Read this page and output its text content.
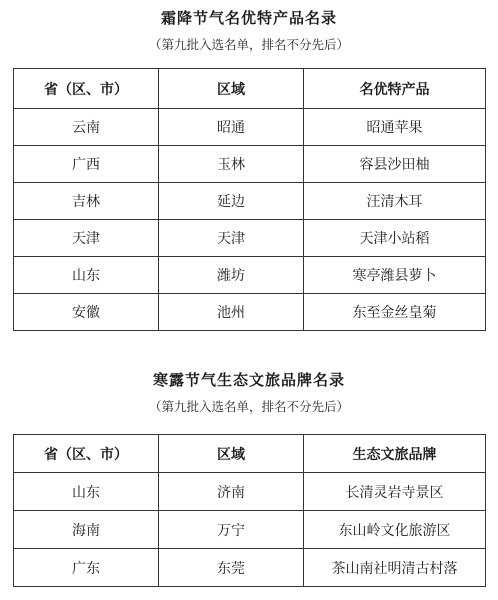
霜降节气名优特产品名录
（第九批入选名单，排名不分先后）
省（区、市）	区域	名优特产品
云南	昭通	昭通苹果
广西	玉林	容县沙田柚
吉林	延边	汪清木耳
天津	天津	天津小站稻
山东	潍坊	寒亭潍县萝卜
安徽	池州	东至金丝皇菊
寒露节气生态文旅品牌名录
（第九批入选名单，排名不分先后）
省（区、市）	区域	生态文旅品牌
山东	济南	长清灵岩寺景区
海南	万宁	东山岭文化旅游区
广东	东莞	茶山南社明清古村落
